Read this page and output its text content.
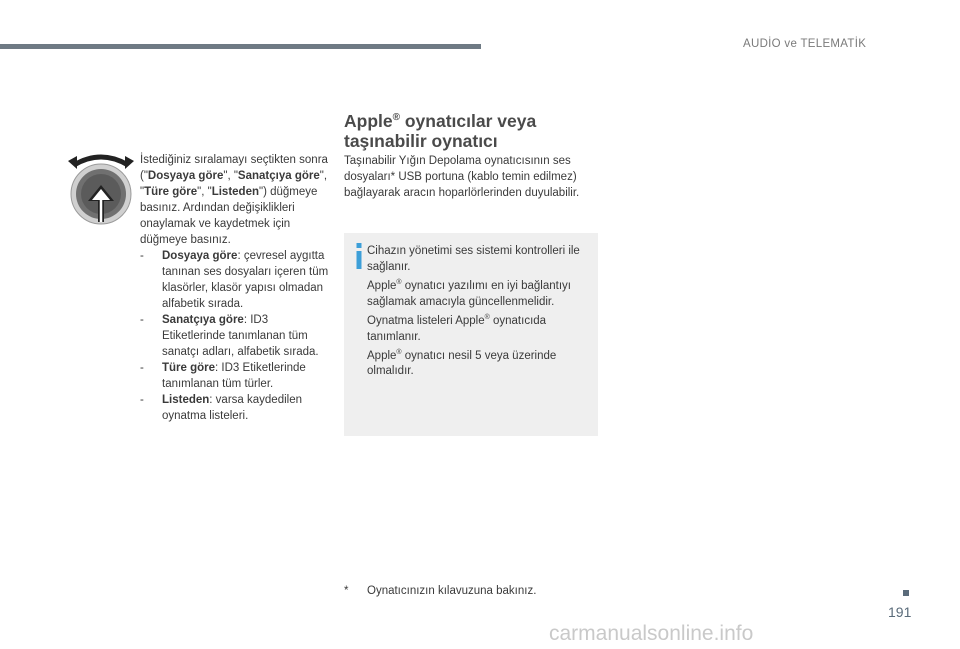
AUDİO ve TELEMATİK

İstediğiniz sıralamayı seçtikten sonra ("Dosyaya göre", "Sanatçıya göre", "Türe göre", "Listeden") düğmeye basınız. Ardından değişiklikleri onaylamak ve kaydetmek için düğmeye basınız.

- Dosyaya göre: çevresel aygıtta tanınan ses dosyaları içeren tüm klasörler, klasör yapısı olmadan alfabetik sırada.

- Sanatçıya göre: ID3 Etiketlerinde tanımlanan tüm sanatçı adları, alfabetik sırada.

- Türe göre: ID3 Etiketlerinde tanımlanan tüm türler.

- Listeden: varsa kaydedilen oynatma listeleri.

Apple® oynatıcılar veya
taşınabilir oynatıcı

Taşınabilir Yığın Depolama oynatıcısının ses dosyaları* USB portuna (kablo temin edilmez) bağlayarak aracın hoparlörlerinden duyulabilir.

Cihazın yönetimi ses sistemi kontrolleri ile sağlanır.

Apple® oynatıcı yazılımı en iyi bağlantıyı sağlamak amacıyla güncellenmelidir.

Oynatma listeleri Apple® oynatıcıda tanımlanır.

Apple® oynatıcı nesil 5 veya üzerinde olmalıdır.

* Oynatıcınızın kılavuzuna bakınız.
191
carmanualsonline.info
